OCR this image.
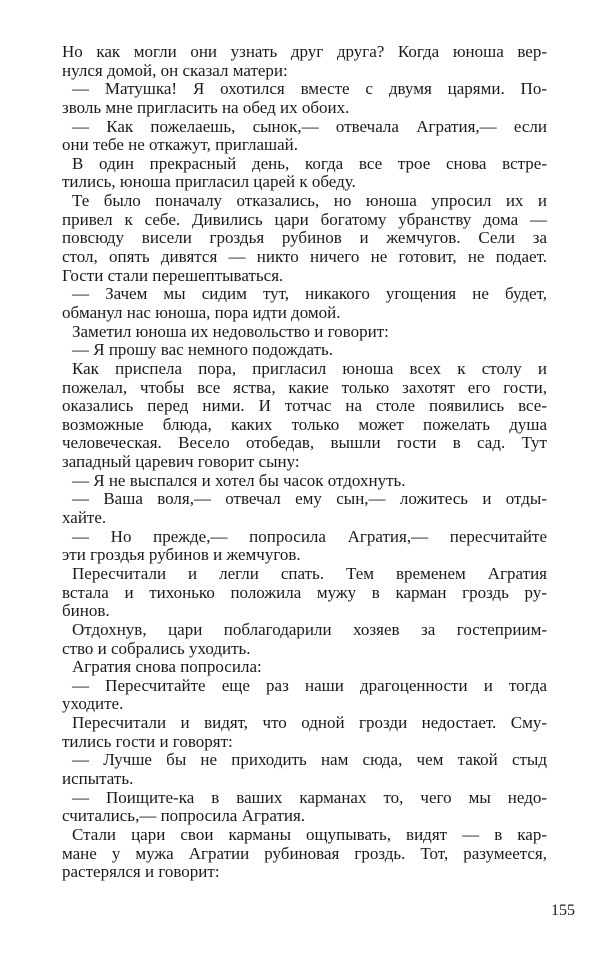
Но как могли они узнать друг друга? Когда юноша вер-
нулся домой, он сказал матери:
— Матушка! Я охотился вместе с двумя царями. По-
зволь мне пригласить на обед их обоих.
— Как пожелаешь, сынок,— отвечала Агратия,— если
они тебе не откажут, приглашай.
В один прекрасный день, когда все трое снова встре-
тились, юноша пригласил царей к обеду.
Те было поначалу отказались, но юноша упросил их и
привел к себе. Дивились цари богатому убранству дома —
повсюду висели гроздья рубинов и жемчугов. Сели за
стол, опять дивятся — никто ничего не готовит, не подает.
Гости стали перешептываться.
— Зачем мы сидим тут, никакого угощения не будет,
обманул нас юноша, пора идти домой.
Заметил юноша их недовольство и говорит:
— Я прошу вас немного подождать.
Как приспела пора, пригласил юноша всех к столу и
пожелал, чтобы все яства, какие только захотят его гости,
оказались перед ними. И тотчас на столе появились все-
возможные блюда, каких только может пожелать душа
человеческая. Весело отобедав, вышли гости в сад. Тут
западный царевич говорит сыну:
— Я не выспался и хотел бы часок отдохнуть.
— Ваша воля,— отвечал ему сын,— ложитесь и отды-
хайте.
— Но прежде,— попросила Агратия,— пересчитайте
эти гроздья рубинов и жемчугов.
Пересчитали и легли спать. Тем временем Агратия
встала и тихонько положила мужу в карман гроздь ру-
бинов.
Отдохнув, цари поблагодарили хозяев за гостеприим-
ство и собрались уходить.
Агратия снова попросила:
— Пересчитайте еще раз наши драгоценности и тогда
уходите.
Пересчитали и видят, что одной грозди недостает. Сму-
тились гости и говорят:
— Лучше бы не приходить нам сюда, чем такой стыд
испытать.
— Поищите-ка в ваших карманах то, чего мы недо-
считались,— попросила Агратия.
Стали цари свои карманы ощупывать, видят — в кар-
мане у мужа Агратии рубиновая гроздь. Тот, разумеется,
растерялся и говорит:
155
